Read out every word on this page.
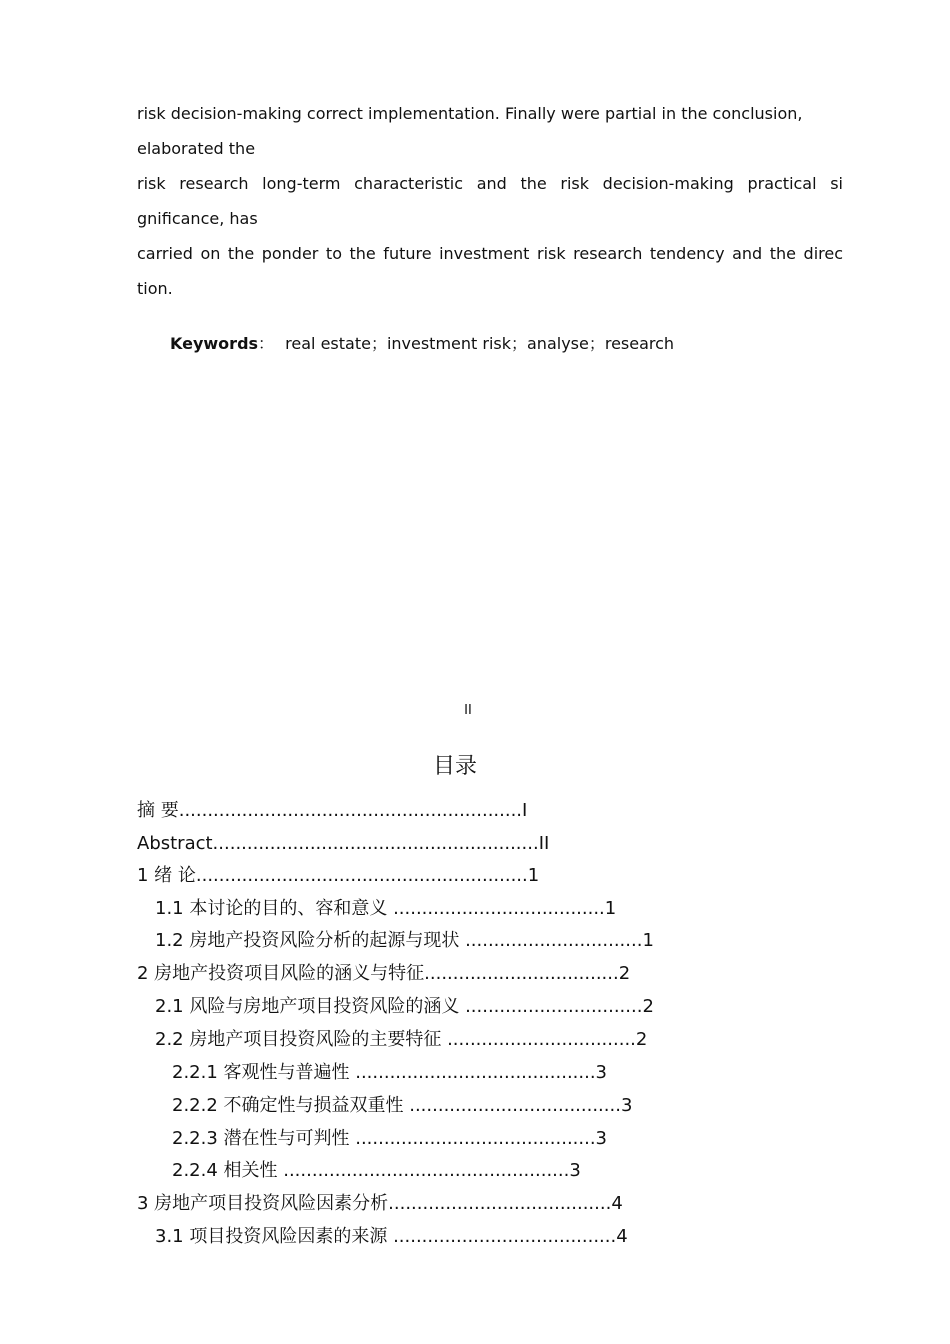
risk decision-making correct implementation. Finally were partial in the conclusion,
elaborated the
risk research long-term characteristic and the risk decision-making practical si
gnificance, has
carried on the ponder to the future investment risk research tendency and the direc
tion.
Keywords： real estate；investment risk；analyse；research
II
目录
摘 要............................................................I
Abstract.........................................................II
1 绪 论..........................................................1
1.1 本讨论的目的、容和意义 .....................................1
1.2 房地产投资风险分析的起源与现状 ...............................1
2 房地产投资项目风险的涵义与特征..................................2
2.1 风险与房地产项目投资风险的涵义 ...............................2
2.2 房地产项目投资风险的主要特征 .................................2
2.2.1 客观性与普遍性 ..........................................3
2.2.2 不确定性与损益双重性 .....................................3
2.2.3 潜在性与可判性 ..........................................3
2.2.4 相关性 ..................................................3
3 房地产项目投资风险因素分析.......................................4
3.1 项目投资风险因素的来源 .......................................4
